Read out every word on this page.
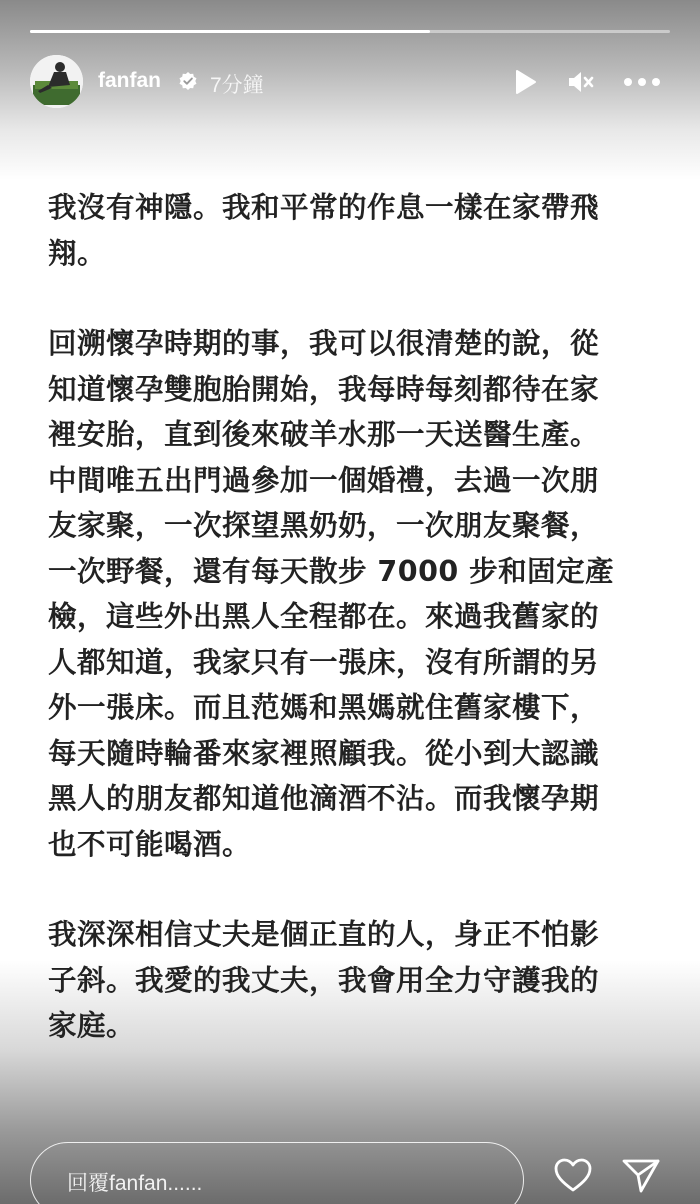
fanfan 7分鐘

我沒有神隱。我和平常的作息一樣在家帶飛
翔。

回溯懷孕時期的事，我可以很清楚的說，從
知道懷孕雙胞胎開始，我每時每刻都待在家
裡安胎，直到後來破羊水那一天送醫生產。
中間唯五出門過參加一個婚禮，去過一次朋
友家聚，一次探望黑奶奶，一次朋友聚餐，
一次野餐，還有每天散步 7000 步和固定產
檢，這些外出黑人全程都在。來過我舊家的
人都知道，我家只有一張床，沒有所謂的另
外一張床。而且范媽和黑媽就住舊家樓下，
每天隨時輪番來家裡照顧我。從小到大認識
黑人的朋友都知道他滴酒不沾。而我懷孕期
也不可能喝酒。

我深深相信丈夫是個正直的人，身正不怕影
子斜。我愛的我丈夫，我會用全力守護我的
家庭。

回覆fanfan......
